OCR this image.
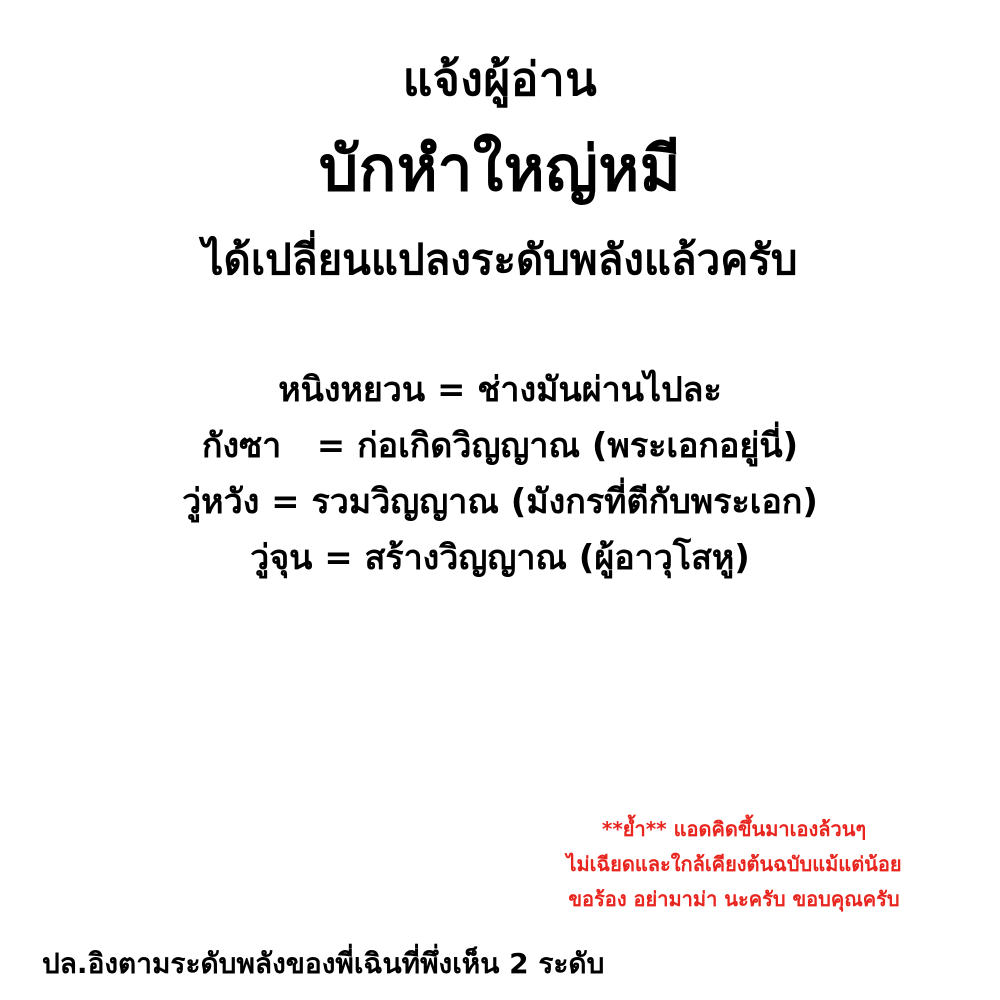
แจ้งผู้อ่าน
บักหำใหญ่หมี
ได้เปลี่ยนแปลงระดับพลังแล้วครับ
หนิงหยวน = ช่างมันผ่านไปละ
กังซา   = ก่อเกิดวิญญาณ (พระเอกอยู่นี่)
วู่หวัง = รวมวิญญาณ (มังกรที่ตีกับพระเอก)
วู่จุน = สร้างวิญญาณ (ผู้อาวุโสหู)
**ย้ำ** แอดคิดขึ้นมาเองล้วนๆ
ไม่เฉียดและใกล้เคียงต้นฉบับแม้แต่น้อย
ขอร้อง อย่ามาม่า นะครับ ขอบคุณครับ
ปล.อิงตามระดับพลังของพี่เฉินที่พึ่งเห็น 2 ระดับ
